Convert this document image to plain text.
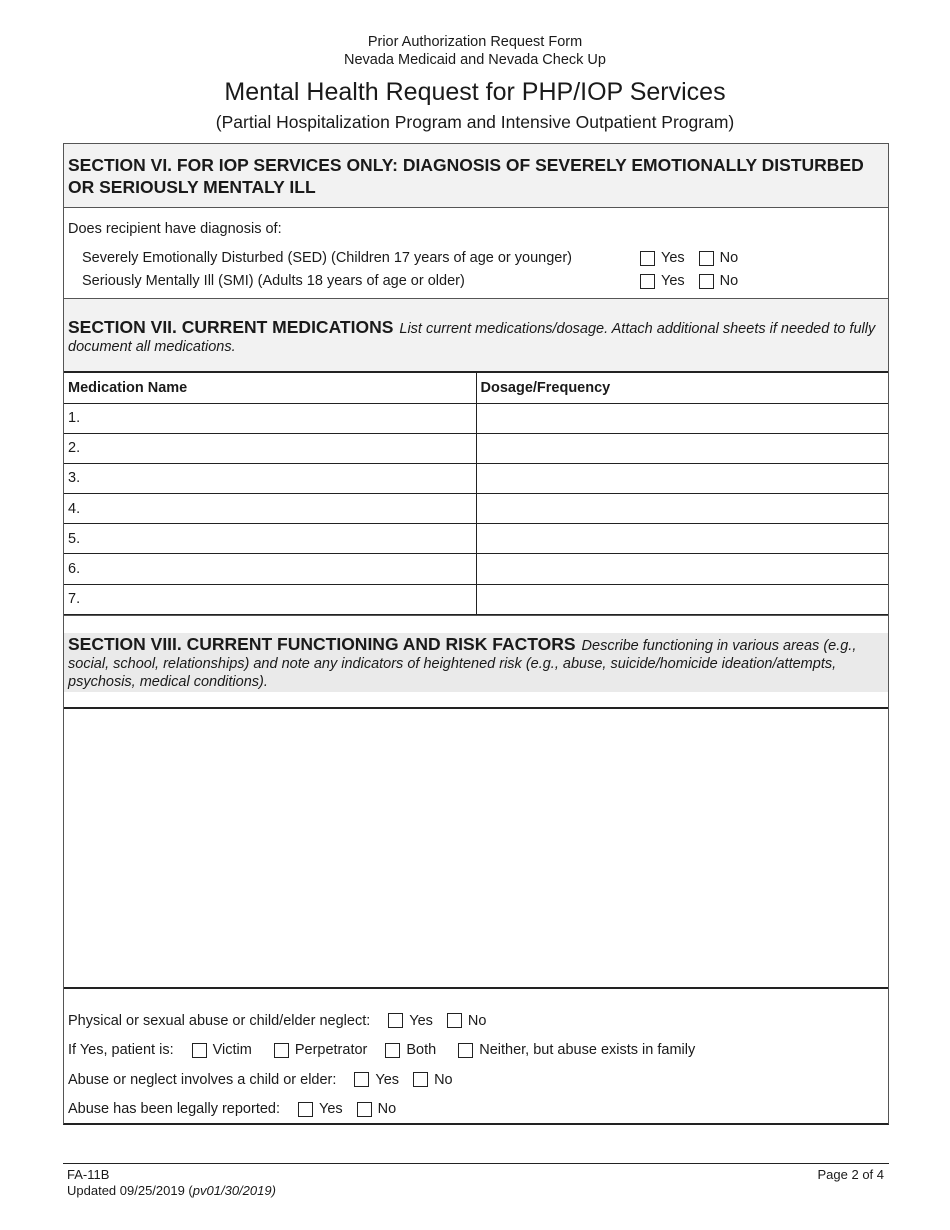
Prior Authorization Request Form
Nevada Medicaid and Nevada Check Up
Mental Health Request for PHP/IOP Services
(Partial Hospitalization Program and Intensive Outpatient Program)
SECTION VI. FOR IOP SERVICES ONLY: DIAGNOSIS OF SEVERELY EMOTIONALLY DISTURBED OR SERIOUSLY MENTALY ILL
Does recipient have diagnosis of:
Severely Emotionally Disturbed (SED) (Children 17 years of age or younger)	Yes No
Seriously Mentally Ill (SMI) (Adults 18 years of age or older)	Yes No
SECTION VII. CURRENT MEDICATIONS List current medications/dosage. Attach additional sheets if needed to fully document all medications.
Medication Name	Dosage/Frequency
1.	
2.	
3.	
4.	
5.	
6.	
7.	
SECTION VIII. CURRENT FUNCTIONING AND RISK FACTORS Describe functioning in various areas (e.g., social, school, relationships) and note any indicators of heightened risk (e.g., abuse, suicide/homicide ideation/attempts, psychosis, medical conditions).
Physical or sexual abuse or child/elder neglect:	Yes No
If Yes, patient is:	Victim	Perpetrator	Both	Neither, but abuse exists in family
Abuse or neglect involves a child or elder:	Yes No
Abuse has been legally reported:	Yes No
FA-11B
Updated 09/25/2019 (pv01/30/2019)
Page 2 of 4
